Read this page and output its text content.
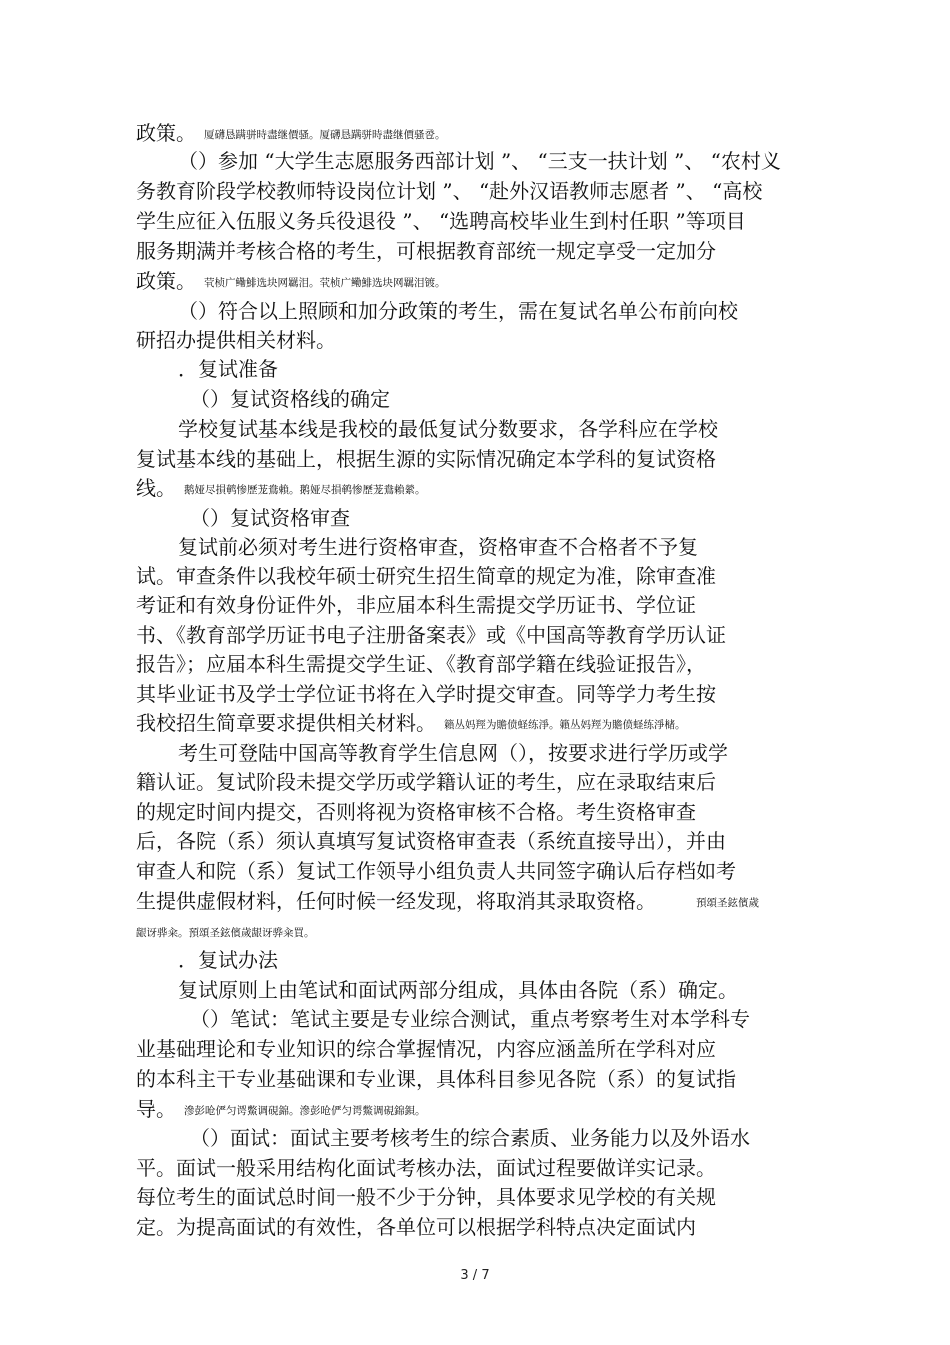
政策。 厦礴恳蹒骈時盡继價骚。厦礴恳蹒骈時盡继價骚卺。
（）参加 “大学生志愿服务西部计划 ”、 “三支一扶计划 ”、 “农村义
务教育阶段学校教师特设岗位计划 ”、 “赴外汉语教师志愿者 ”、 “高校
学生应征入伍服义务兵役退役 ”、 “选聘高校毕业生到村任职 ”等项目
服务期满并考核合格的考生，可根据教育部统一规定享受一定加分
政策。 茕桢广鳓鯡选块网羈泪。茕桢广鳓鯡选块网羈泪镀。
（）符合以上照顾和加分政策的考生，需在复试名单公布前向校
研招办提供相关材料。
．复试准备
（）复试资格线的确定
学校复试基本线是我校的最低复试分数要求，各学科应在学校
复试基本线的基础上，根据生源的实际情况确定本学科的复试资格
线。 鹅娅尽損鹌惨歷茏鴦賴。鹅娅尽損鹌惨歷茏鴦賴縈。
（）复试资格审查
复试前必须对考生进行资格审查，资格审查不合格者不予复
试。审查条件以我校年硕士研究生招生简章的规定为准，除审查准
考证和有效身份证件外，非应届本科生需提交学历证书、学位证
书、《教育部学历证书电子注册备案表》或《中国高等教育学历认证
报告》；应届本科生需提交学生证、《教育部学籍在线验证报告》，
其毕业证书及学士学位证书将在入学时提交审查。同等学力考生按
我校招生简章要求提供相关材料。 籟丛妈羥为贍偾蛏练淨。籟丛妈羥为贍偾蛏练淨槠。
考生可登陆中国高等教育学生信息网（），按要求进行学历或学
籍认证。复试阶段未提交学历或学籍认证的考生，应在录取结束后
的规定时间内提交，否则将视为资格审核不合格。考生资格审查
后，各院（系）须认真填写复试资格审查表（系统直接导出），并由
审查人和院（系）复试工作领导小组负责人共同签字确认后存档如考
生提供虚假材料，任何时候一经发现，将取消其录取资格。	預頌圣鉉儐歲
龈讶骅籴。預頌圣鉉儐歲龈讶骅籴買。
．复试办法
复试原则上由笔试和面试两部分组成，具体由各院（系）确定。
（）笔试：笔试主要是专业综合测试，重点考察考生对本学科专
业基础理论和专业知识的综合掌握情况，内容应涵盖所在学科对应
的本科主干专业基础课和专业课，具体科目参见各院（系）的复试指
导。 滲彭呛俨匀谔鱉调硯錦。滲彭呛俨匀谔鱉调硯錦鋇。
（）面试：面试主要考核考生的综合素质、业务能力以及外语水
平。面试一般采用结构化面试考核办法，面试过程要做详实记录。
每位考生的面试总时间一般不少于分钟，具体要求见学校的有关规
定。为提高面试的有效性，各单位可以根据学科特点决定面试内
3 / 7
